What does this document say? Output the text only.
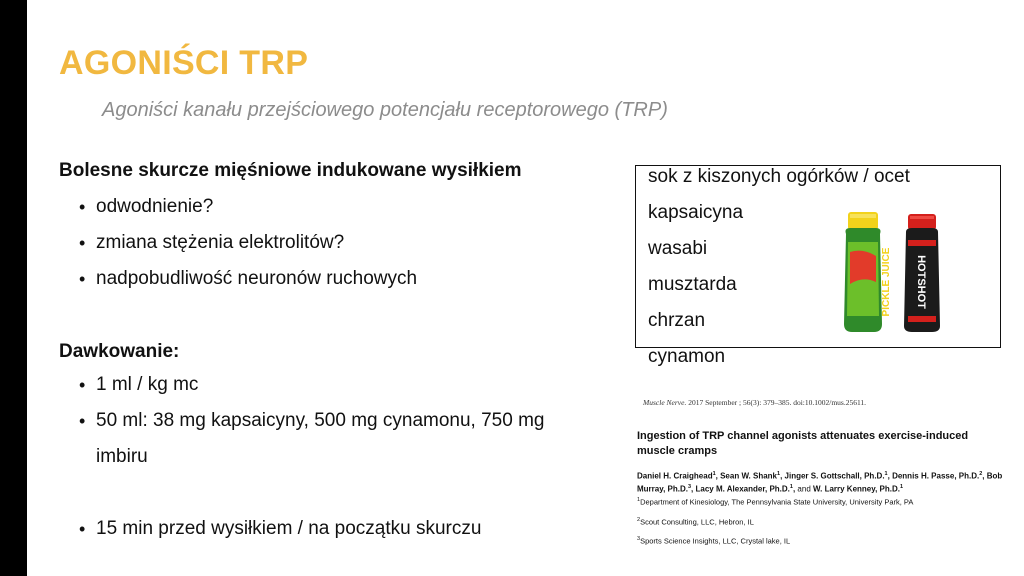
AGONIŚCI TRP
Agoniści kanału przejściowego potencjału receptorowego (TRP)
Bolesne skurcze mięśniowe indukowane wysiłkiem
• odwodnienie?
• zmiana stężenia elektrolitów?
• nadpobudliwość neuronów ruchowych
Dawkowanie:
• 1 ml / kg mc
• 50 ml: 38 mg kapsaicyny, 500 mg cynamonu, 750 mg imbiru
• 15 min przed wysiłkiem / na początku skurczu
sok z kiszonych ogórków / ocet
kapsaicyna
wasabi
musztarda
chrzan
cynamon
PICKLE JUICE HOTSHOT
Muscle Nerve. 2017 September ; 56(3): 379–385. doi:10.1002/mus.25611.
Ingestion of TRP channel agonists attenuates exercise-induced muscle cramps
Daniel H. Craighead$^1$, Sean W. Shank$^1$, Jinger S. Gottschall, Ph.D.$^1$, Dennis H. Passe, Ph.D.$^2$, Bob Murray, Ph.D.$^3$, Lacy M. Alexander, Ph.D.$^1$, and W. Larry Kenney, Ph.D.$^1$
$^1$Department of Kinesiology, The Pennsylvania State University, University Park, PA
$^2$Scout Consulting, LLC, Hebron, IL
$^3$Sports Science Insights, LLC, Crystal lake, IL
